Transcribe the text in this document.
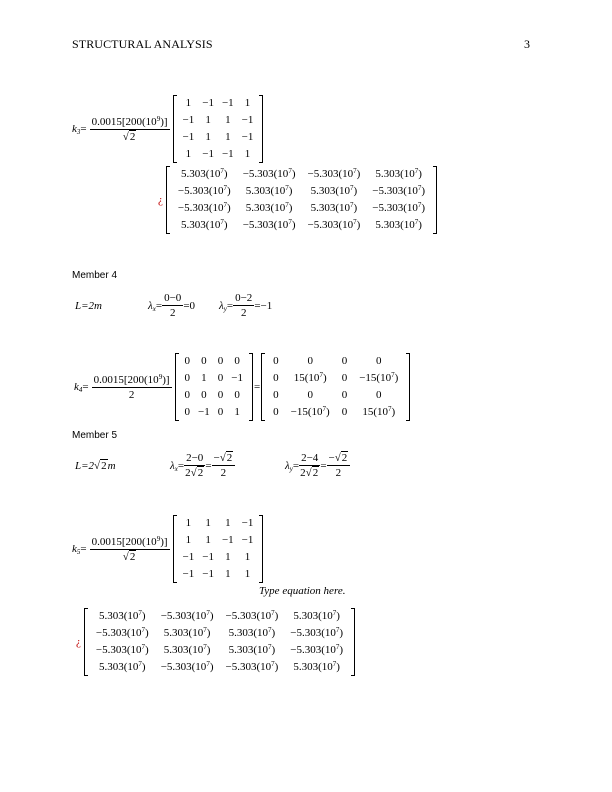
STRUCTURAL ANALYSIS	3
$k_3 = \frac{0.0015[200(10^9)]}{√2}$
1	−1	−1	1
−1	1	1	−1
−1	1	1	−1
1	−1	−1	1
¿
$5.303(10^7)$	$-5.303(10^7)$	$-5.303(10^7)$	$5.303(10^7)$
$-5.303(10^7)$	$5.303(10^7)$	$5.303(10^7)$	$-5.303(10^7)$
$-5.303(10^7)$	$5.303(10^7)$	$5.303(10^7)$	$-5.303(10^7)$
$5.303(10^7)$	$-5.303(10^7)$	$-5.303(10^7)$	$5.303(10^7)$
Member 4
L=2m	$\lambda_x = \frac{0-0}{2} =0$ $\lambda_y = \frac{0-2}{2} =-1$
$k_4 = \frac{0.0015[200(10^9)]}{2}$
0	0	0	0
0	1	0	−1
0	0	0	0
0	−1	0	1
=
0	0	0	0
0	$15(10^7)$	0	$-15(10^7)$
0	0	0	0
0	$-15(10^7)$	0	$15(10^7)$
Member 5
L=2√2m	$\lambda_x = \frac{2-0}{2√2} = \frac{-√2}{2}$	$\lambda_y = \frac{2-4}{2√2} = \frac{-√2}{2}$
$k_5 = \frac{0.0015[200(10^9)]}{√2}$
1	1	1	−1
1	1	−1	−1
−1	−1	1	1
−1	−1	1	1
Type equation here.
¿
$5.303(10^7)$	$-5.303(10^7)$	$-5.303(10^7)$	$5.303(10^7)$
$-5.303(10^7)$	$5.303(10^7)$	$5.303(10^7)$	$-5.303(10^7)$
$-5.303(10^7)$	$5.303(10^7)$	$5.303(10^7)$	$-5.303(10^7)$
$5.303(10^7)$	$-5.303(10^7)$	$-5.303(10^7)$	$5.303(10^7)$
